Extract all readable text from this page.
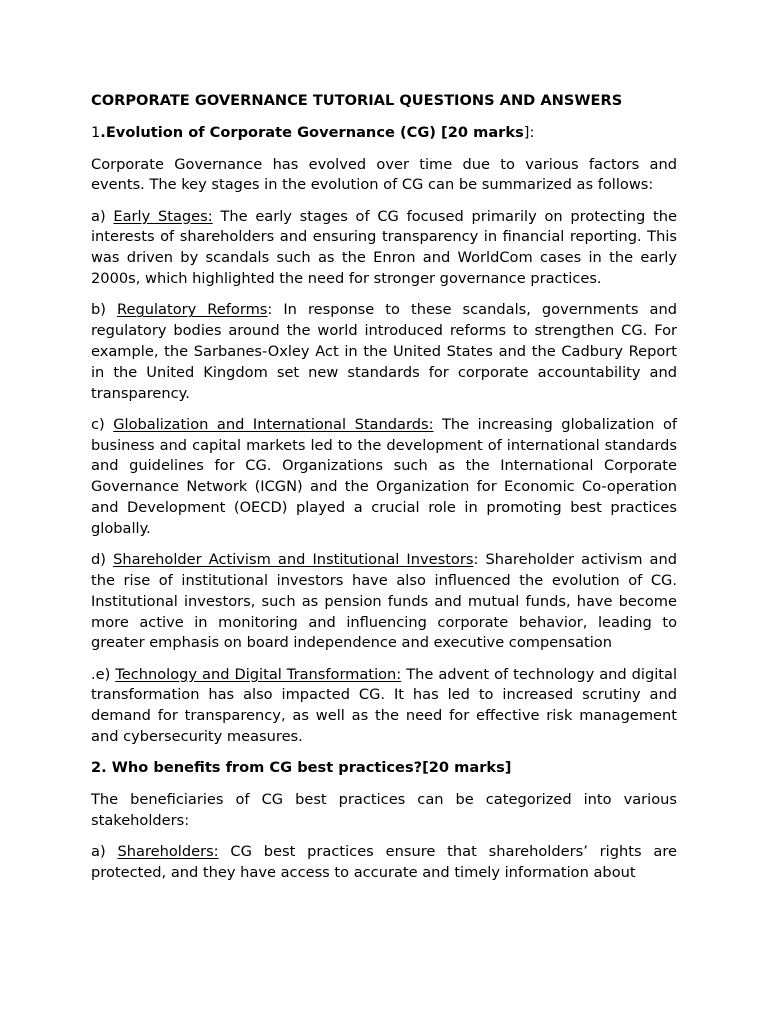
CORPORATE GOVERNANCE TUTORIAL QUESTIONS AND ANSWERS
1.Evolution of Corporate Governance (CG) [20 marks]:

Corporate Governance has evolved over time due to various factors and events. The key stages in the evolution of CG can be summarized as follows:

a) Early Stages: The early stages of CG focused primarily on protecting the interests of shareholders and ensuring transparency in financial reporting. This was driven by scandals such as the Enron and WorldCom cases in the early 2000s, which highlighted the need for stronger governance practices.

b) Regulatory Reforms: In response to these scandals, governments and regulatory bodies around the world introduced reforms to strengthen CG. For example, the Sarbanes-Oxley Act in the United States and the Cadbury Report in the United Kingdom set new standards for corporate accountability and transparency.

c) Globalization and International Standards: The increasing globalization of business and capital markets led to the development of international standards and guidelines for CG. Organizations such as the International Corporate Governance Network (ICGN) and the Organization for Economic Co-operation and Development (OECD) played a crucial role in promoting best practices globally.

d) Shareholder Activism and Institutional Investors: Shareholder activism and the rise of institutional investors have also influenced the evolution of CG. Institutional investors, such as pension funds and mutual funds, have become more active in monitoring and influencing corporate behavior, leading to greater emphasis on board independence and executive compensation

.e) Technology and Digital Transformation: The advent of technology and digital transformation has also impacted CG. It has led to increased scrutiny and demand for transparency, as well as the need for effective risk management and cybersecurity measures.

2. Who benefits from CG best practices?[20 marks]

The beneficiaries of CG best practices can be categorized into various stakeholders:

a) Shareholders: CG best practices ensure that shareholders’ rights are protected, and they have access to accurate and timely information about
